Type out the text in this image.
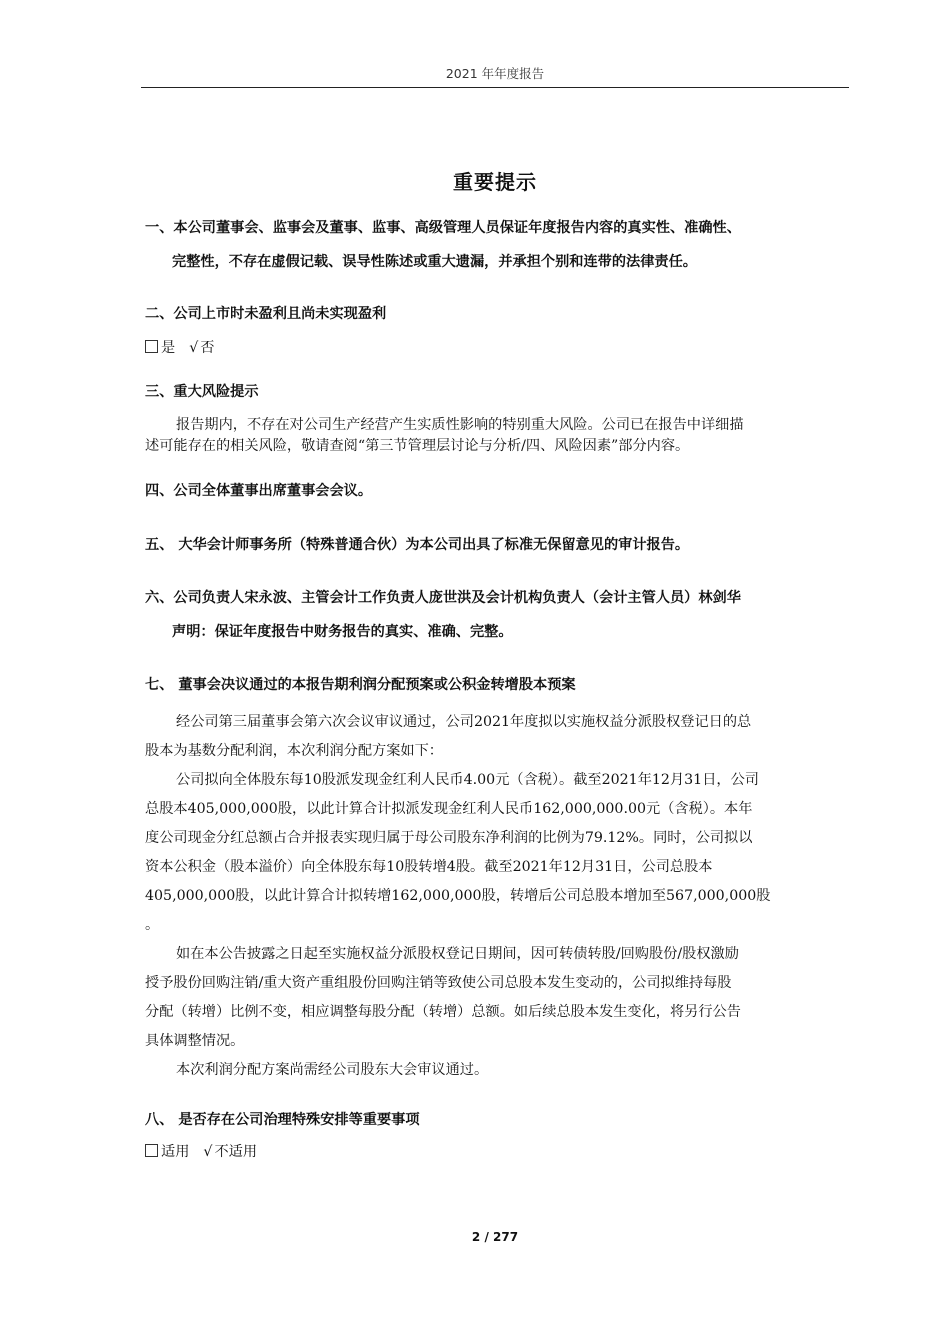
2021 年年度报告
重要提示
一、本公司董事会、监事会及董事、监事、高级管理人员保证年度报告内容的真实性、准确性、
完整性，不存在虚假记载、误导性陈述或重大遗漏，并承担个别和连带的法律责任。
二、公司上市时未盈利且尚未实现盈利
是 √ 否
三、重大风险提示
报告期内，不存在对公司生产经营产生实质性影响的特别重大风险。公司已在报告中详细描
述可能存在的相关风险，敬请查阅“第三节管理层讨论与分析/四、风险因素”部分内容。
四、公司全体董事出席董事会会议。
五、 大华会计师事务所（特殊普通合伙）为本公司出具了标准无保留意见的审计报告。
六、公司负责人宋永波、主管会计工作负责人庞世洪及会计机构负责人（会计主管人员）林剑华
声明：保证年度报告中财务报告的真实、准确、完整。
七、 董事会决议通过的本报告期利润分配预案或公积金转增股本预案
经公司第三届董事会第六次会议审议通过，公司2021年度拟以实施权益分派股权登记日的总
股本为基数分配利润，本次利润分配方案如下：
公司拟向全体股东每10股派发现金红利人民币4.00元（含税）。截至2021年12月31日，公司
总股本405,000,000股，以此计算合计拟派发现金红利人民币162,000,000.00元（含税）。本年
度公司现金分红总额占合并报表实现归属于母公司股东净利润的比例为79.12%。同时，公司拟以
资本公积金（股本溢价）向全体股东每10股转增4股。截至2021年12月31日，公司总股本
405,000,000股，以此计算合计拟转增162,000,000股，转增后公司总股本增加至567,000,000股
。
如在本公告披露之日起至实施权益分派股权登记日期间，因可转债转股/回购股份/股权激励
授予股份回购注销/重大资产重组股份回购注销等致使公司总股本发生变动的，公司拟维持每股
分配（转增）比例不变，相应调整每股分配（转增）总额。如后续总股本发生变化，将另行公告
具体调整情况。
本次利润分配方案尚需经公司股东大会审议通过。
八、 是否存在公司治理特殊安排等重要事项
适用 √ 不适用
2 / 277
